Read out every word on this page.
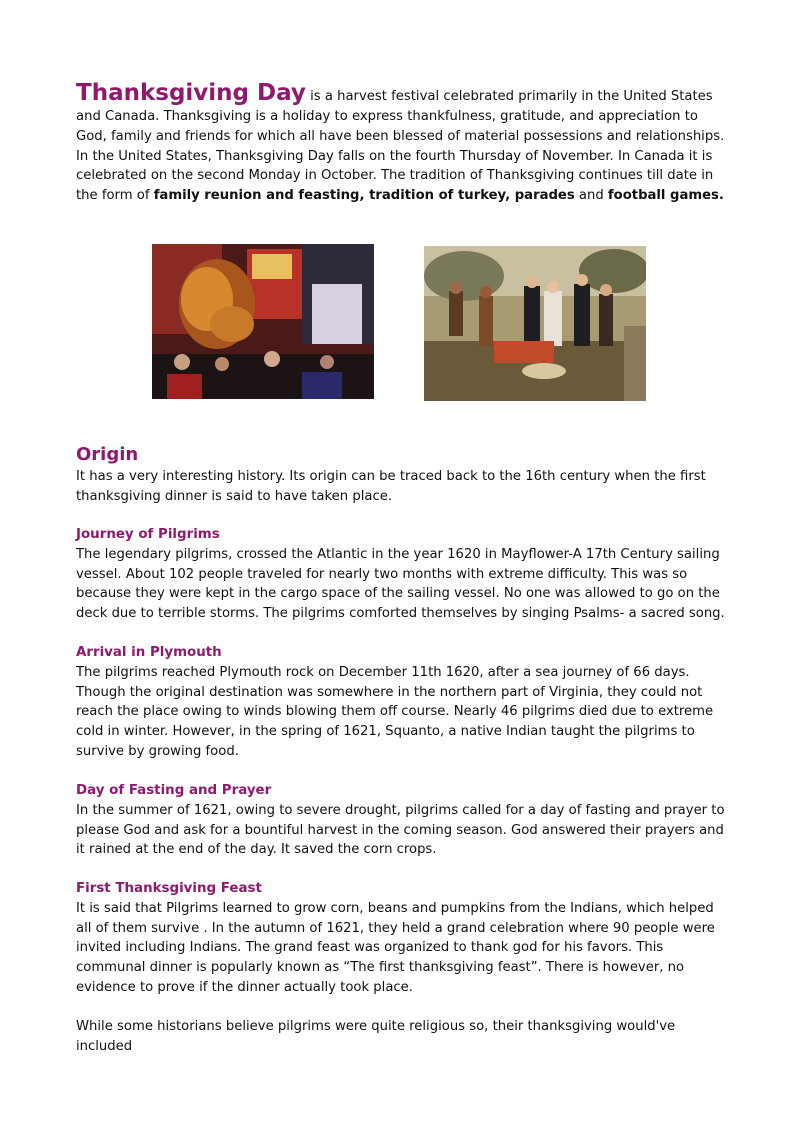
Thanksgiving Day is a harvest festival celebrated primarily in the United States and Canada. Thanksgiving is a holiday to express thankfulness, gratitude, and appreciation to God, family and friends for which all have been blessed of material possessions and relationships. In the United States, Thanksgiving Day falls on the fourth Thursday of November. In Canada it is celebrated on the second Monday in October. The tradition of Thanksgiving continues till date in the form of family reunion and feasting, tradition of turkey, parades and football games.

Origin

It has a very interesting history. Its origin can be traced back to the 16th century when the first thanksgiving dinner is said to have taken place.

Journey of Pilgrims

The legendary pilgrims, crossed the Atlantic in the year 1620 in Mayflower-A 17th Century sailing vessel. About 102 people traveled for nearly two months with extreme difficulty. This was so because they were kept in the cargo space of the sailing vessel. No one was allowed to go on the deck due to terrible storms. The pilgrims comforted themselves by singing Psalms- a sacred song.

Arrival in Plymouth

The pilgrims reached Plymouth rock on December 11th 1620, after a sea journey of 66 days. Though the original destination was somewhere in the northern part of Virginia, they could not reach the place owing to winds blowing them off course. Nearly 46 pilgrims died due to extreme cold in winter. However, in the spring of 1621, Squanto, a native Indian taught the pilgrims to survive by growing food.

Day of Fasting and Prayer

In the summer of 1621, owing to severe drought, pilgrims called for a day of fasting and prayer to please God and ask for a bountiful harvest in the coming season. God answered their prayers and it rained at the end of the day. It saved the corn crops.

First Thanksgiving Feast

It is said that Pilgrims learned to grow corn, beans and pumpkins from the Indians, which helped all of them survive . In the autumn of 1621, they held a grand celebration where 90 people were invited including Indians. The grand feast was organized to thank god for his favors. This communal dinner is popularly known as “The first thanksgiving feast”. There is however, no evidence to prove if the dinner actually took place.

While some historians believe pilgrims were quite religious so, their thanksgiving would've included
